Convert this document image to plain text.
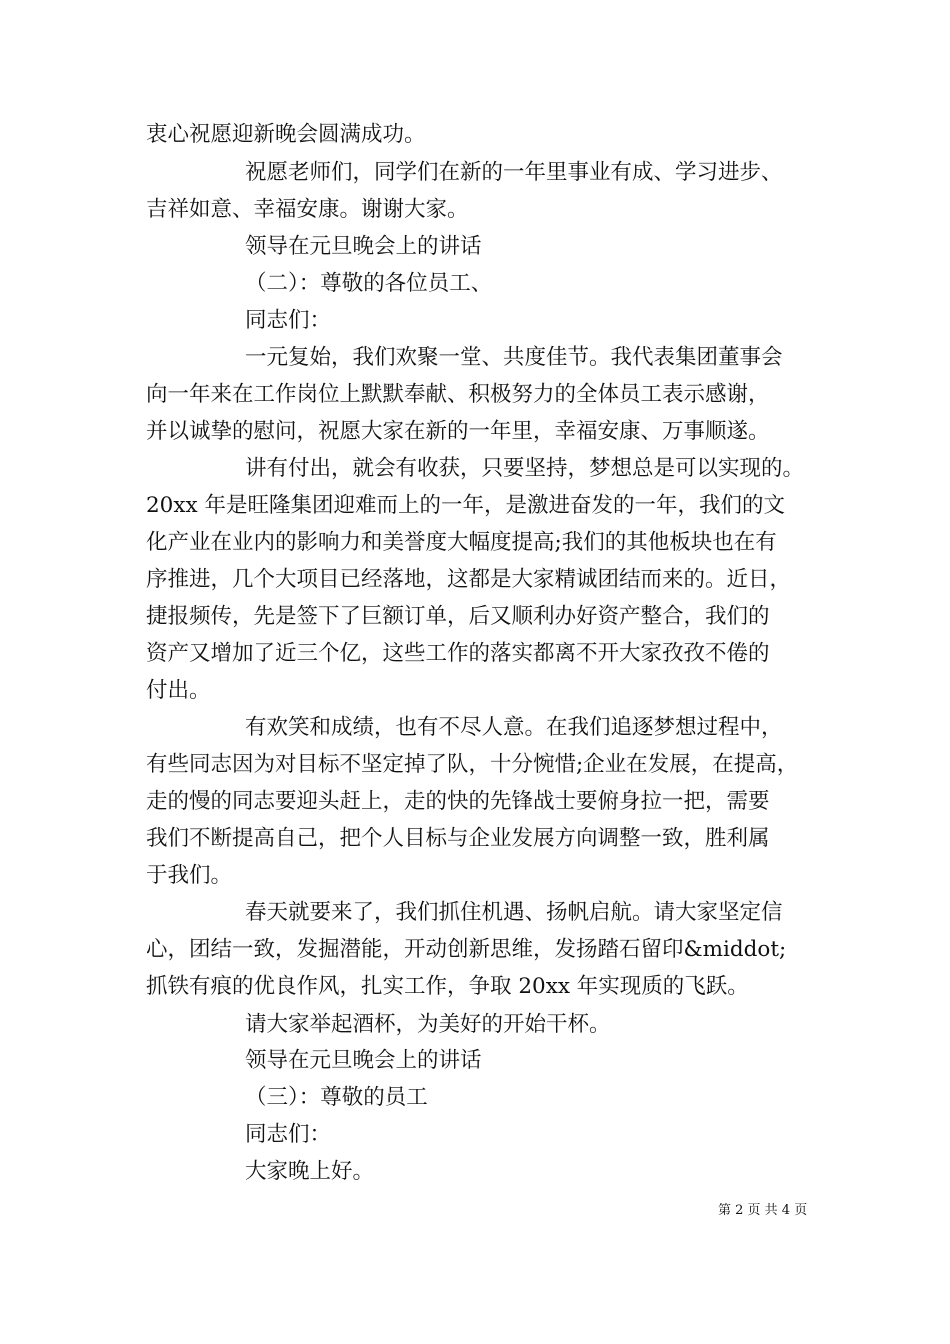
衷心祝愿迎新晚会圆满成功。
祝愿老师们，同学们在新的一年里事业有成、学习进步、
吉祥如意、幸福安康。谢谢大家。
领导在元旦晚会上的讲话
（二）：尊敬的各位员工、
同志们：
一元复始，我们欢聚一堂、共度佳节。我代表集团董事会
向一年来在工作岗位上默默奉献、积极努力的全体员工表示感谢，
并以诚挚的慰问，祝愿大家在新的一年里，幸福安康、万事顺遂。
讲有付出，就会有收获，只要坚持，梦想总是可以实现的。
20xx 年是旺隆集团迎难而上的一年，是激进奋发的一年，我们的文
化产业在业内的影响力和美誉度大幅度提高;我们的其他板块也在有
序推进，几个大项目已经落地，这都是大家精诚团结而来的。近日，
捷报频传，先是签下了巨额订单，后又顺利办好资产整合，我们的
资产又增加了近三个亿，这些工作的落实都离不开大家孜孜不倦的
付出。
有欢笑和成绩，也有不尽人意。在我们追逐梦想过程中，
有些同志因为对目标不坚定掉了队，十分惋惜;企业在发展，在提高，
走的慢的同志要迎头赶上，走的快的先锋战士要俯身拉一把，需要
我们不断提高自己，把个人目标与企业发展方向调整一致，胜利属
于我们。
春天就要来了，我们抓住机遇、扬帆启航。请大家坚定信
心，团结一致，发掘潜能，开动创新思维，发扬踏石留印&middot;
抓铁有痕的优良作风，扎实工作，争取 20xx 年实现质的飞跃。
请大家举起酒杯，为美好的开始干杯。
领导在元旦晚会上的讲话
（三）：尊敬的员工
同志们：
大家晚上好。
第 2 页 共 4 页
